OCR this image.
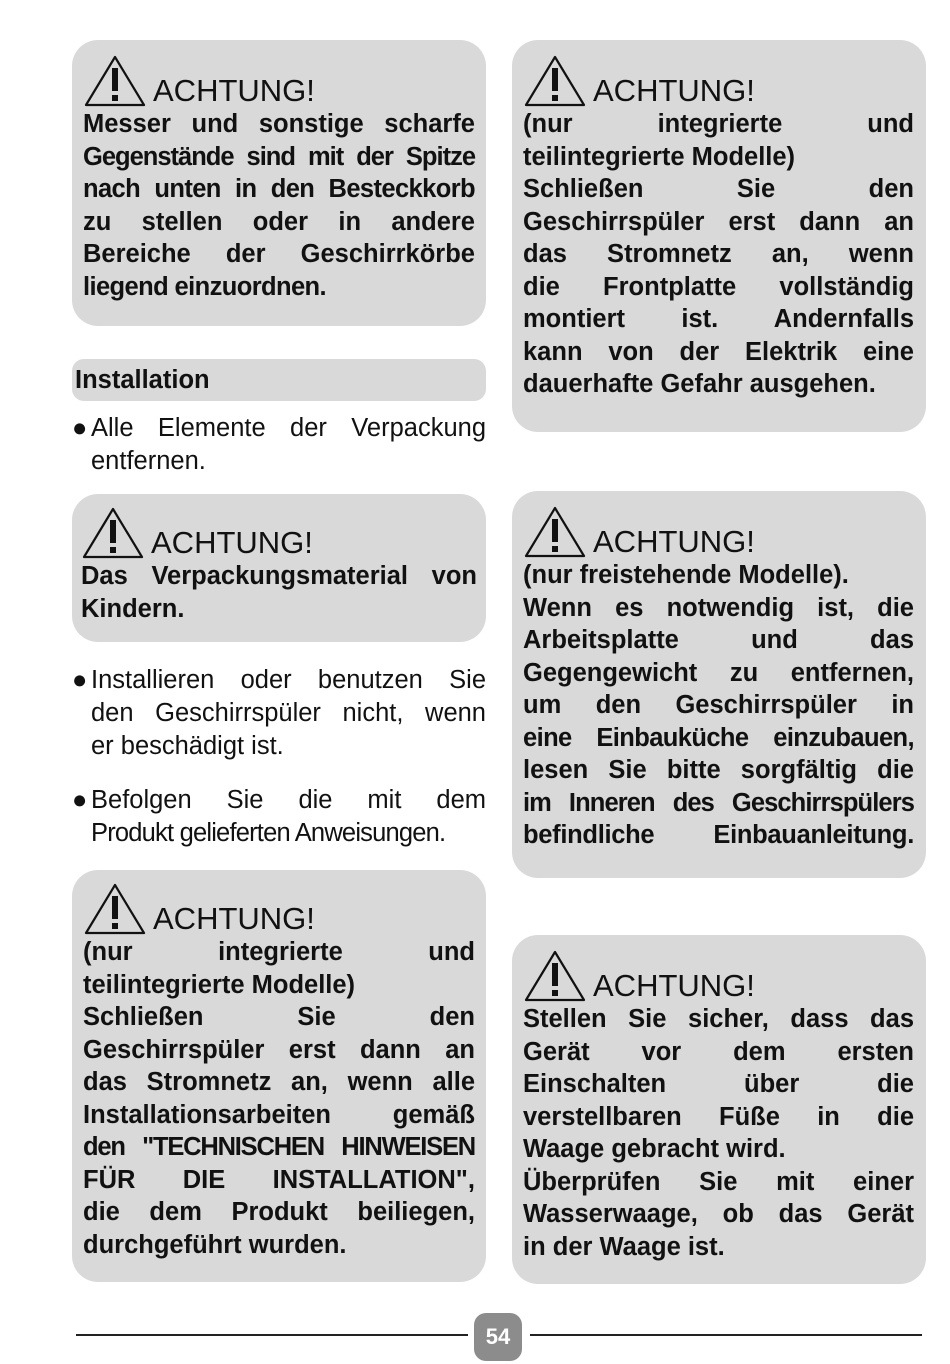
ACHTUNG!
Messer und sonstige scharfe
Gegenstände sind mit der Spitze
nach unten in den Besteckkorb
zu stellen oder in andere
Bereiche der Geschirrkörbe
liegend einzuordnen.
Installation
● Alle Elemente der Verpackung
entfernen.
ACHTUNG!
Das Verpackungsmaterial von
Kindern.
● Installieren oder benutzen Sie
den Geschirrspüler nicht, wenn
er beschädigt ist.
● Befolgen Sie die mit dem
Produkt gelieferten Anweisungen.
ACHTUNG!
(nur integrierte und
teilintegrierte Modelle)
Schließen Sie den
Geschirrspüler erst dann an
das Stromnetz an, wenn alle
Installationsarbeiten gemäß
den "TECHNISCHEN HINWEISEN
FÜR DIE INSTALLATION",
die dem Produkt beiliegen,
durchgeführt wurden.
ACHTUNG!
(nur integrierte und
teilintegrierte Modelle)
Schließen Sie den
Geschirrspüler erst dann an
das Stromnetz an, wenn
die Frontplatte vollständig
montiert ist. Andernfalls
kann von der Elektrik eine
dauerhafte Gefahr ausgehen.
ACHTUNG!
(nur freistehende Modelle).
Wenn es notwendig ist, die
Arbeitsplatte und das
Gegengewicht zu entfernen,
um den Geschirrspüler in
eine Einbauküche einzubauen,
lesen Sie bitte sorgfältig die
im Inneren des Geschirrspülers
befindliche Einbauanleitung.
ACHTUNG!
Stellen Sie sicher, dass das
Gerät vor dem ersten
Einschalten über die
verstellbaren Füße in die
Waage gebracht wird.
Überprüfen Sie mit einer
Wasserwaage, ob das Gerät
in der Waage ist.
54
